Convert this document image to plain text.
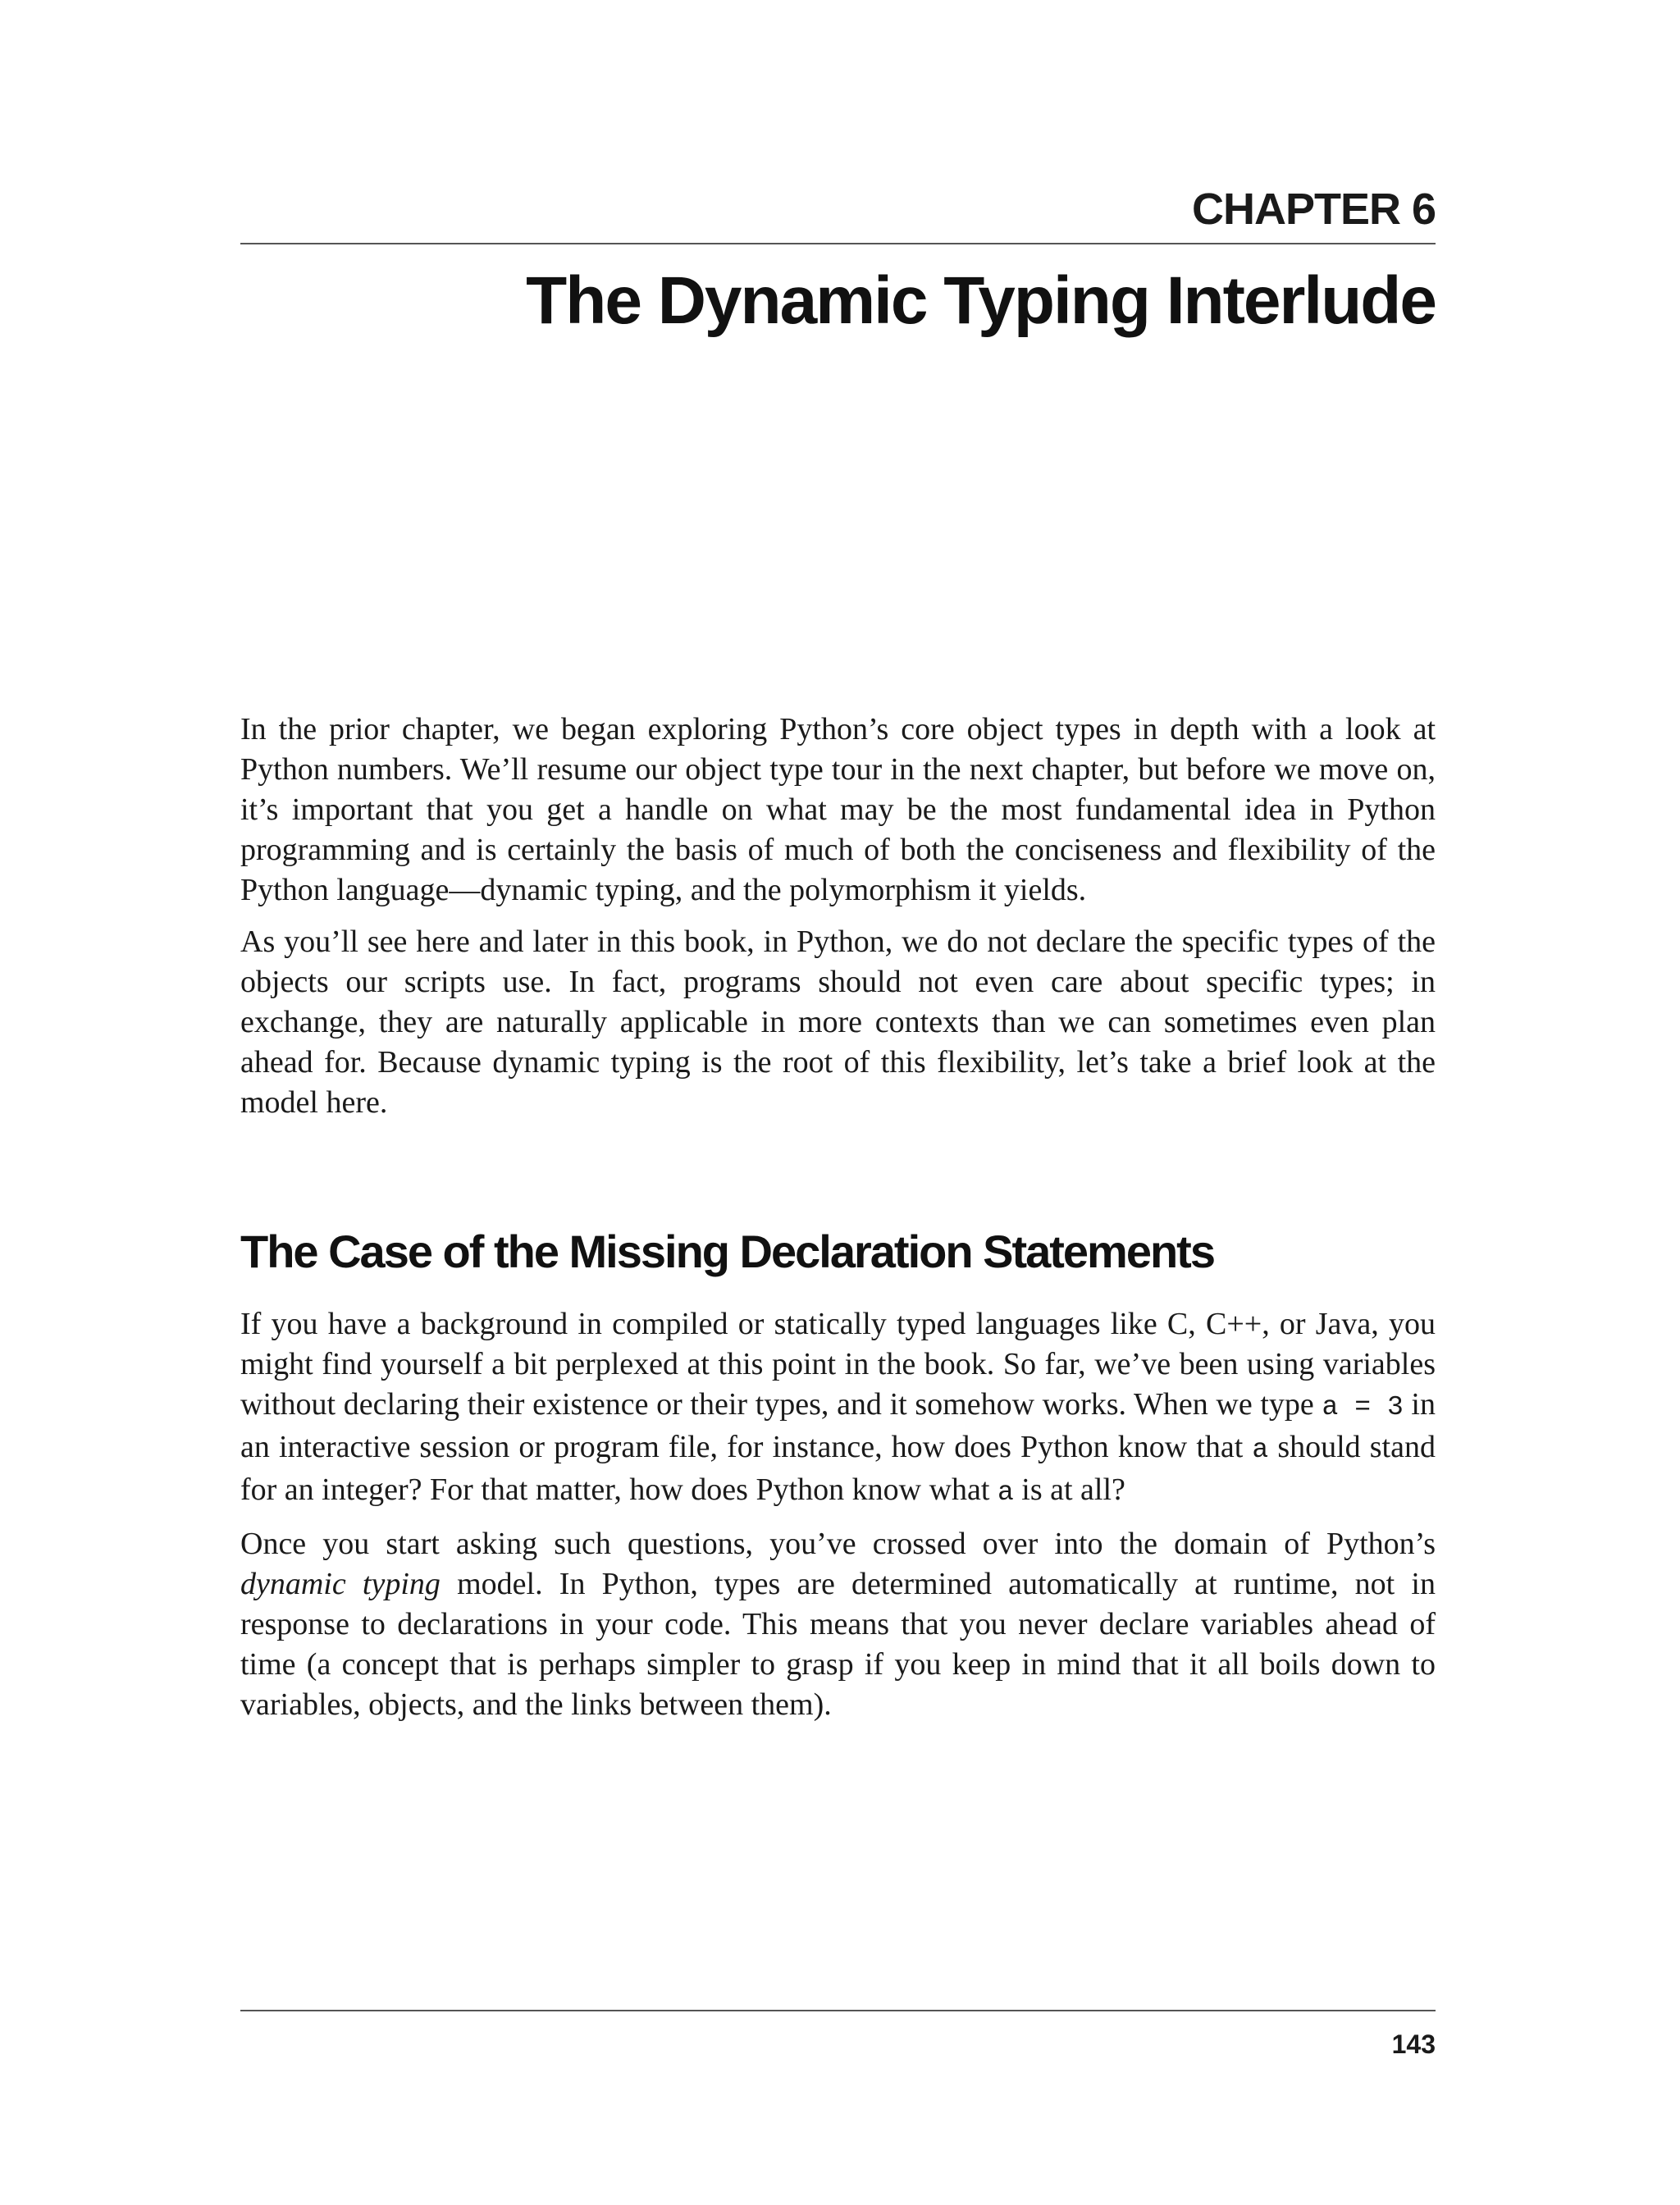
CHAPTER 6
The Dynamic Typing Interlude

In the prior chapter, we began exploring Python’s core object types in depth with a look at Python numbers. We’ll resume our object type tour in the next chapter, but before we move on, it’s important that you get a handle on what may be the most fundamental idea in Python programming and is certainly the basis of much of both the conciseness and flexibility of the Python language—dynamic typing, and the polymorphism it yields.

As you’ll see here and later in this book, in Python, we do not declare the specific types of the objects our scripts use. In fact, programs should not even care about specific types; in exchange, they are naturally applicable in more contexts than we can sometimes even plan ahead for. Because dynamic typing is the root of this flexibility, let’s take a brief look at the model here.

The Case of the Missing Declaration Statements

If you have a background in compiled or statically typed languages like C, C++, or Java, you might find yourself a bit perplexed at this point in the book. So far, we’ve been using variables without declaring their existence or their types, and it somehow works. When we type a = 3 in an interactive session or program file, for instance, how does Python know that a should stand for an integer? For that matter, how does Python know what a is at all?

Once you start asking such questions, you’ve crossed over into the domain of Python’s dynamic typing model. In Python, types are determined automatically at runtime, not in response to declarations in your code. This means that you never declare variables ahead of time (a concept that is perhaps simpler to grasp if you keep in mind that it all boils down to variables, objects, and the links between them).

143
